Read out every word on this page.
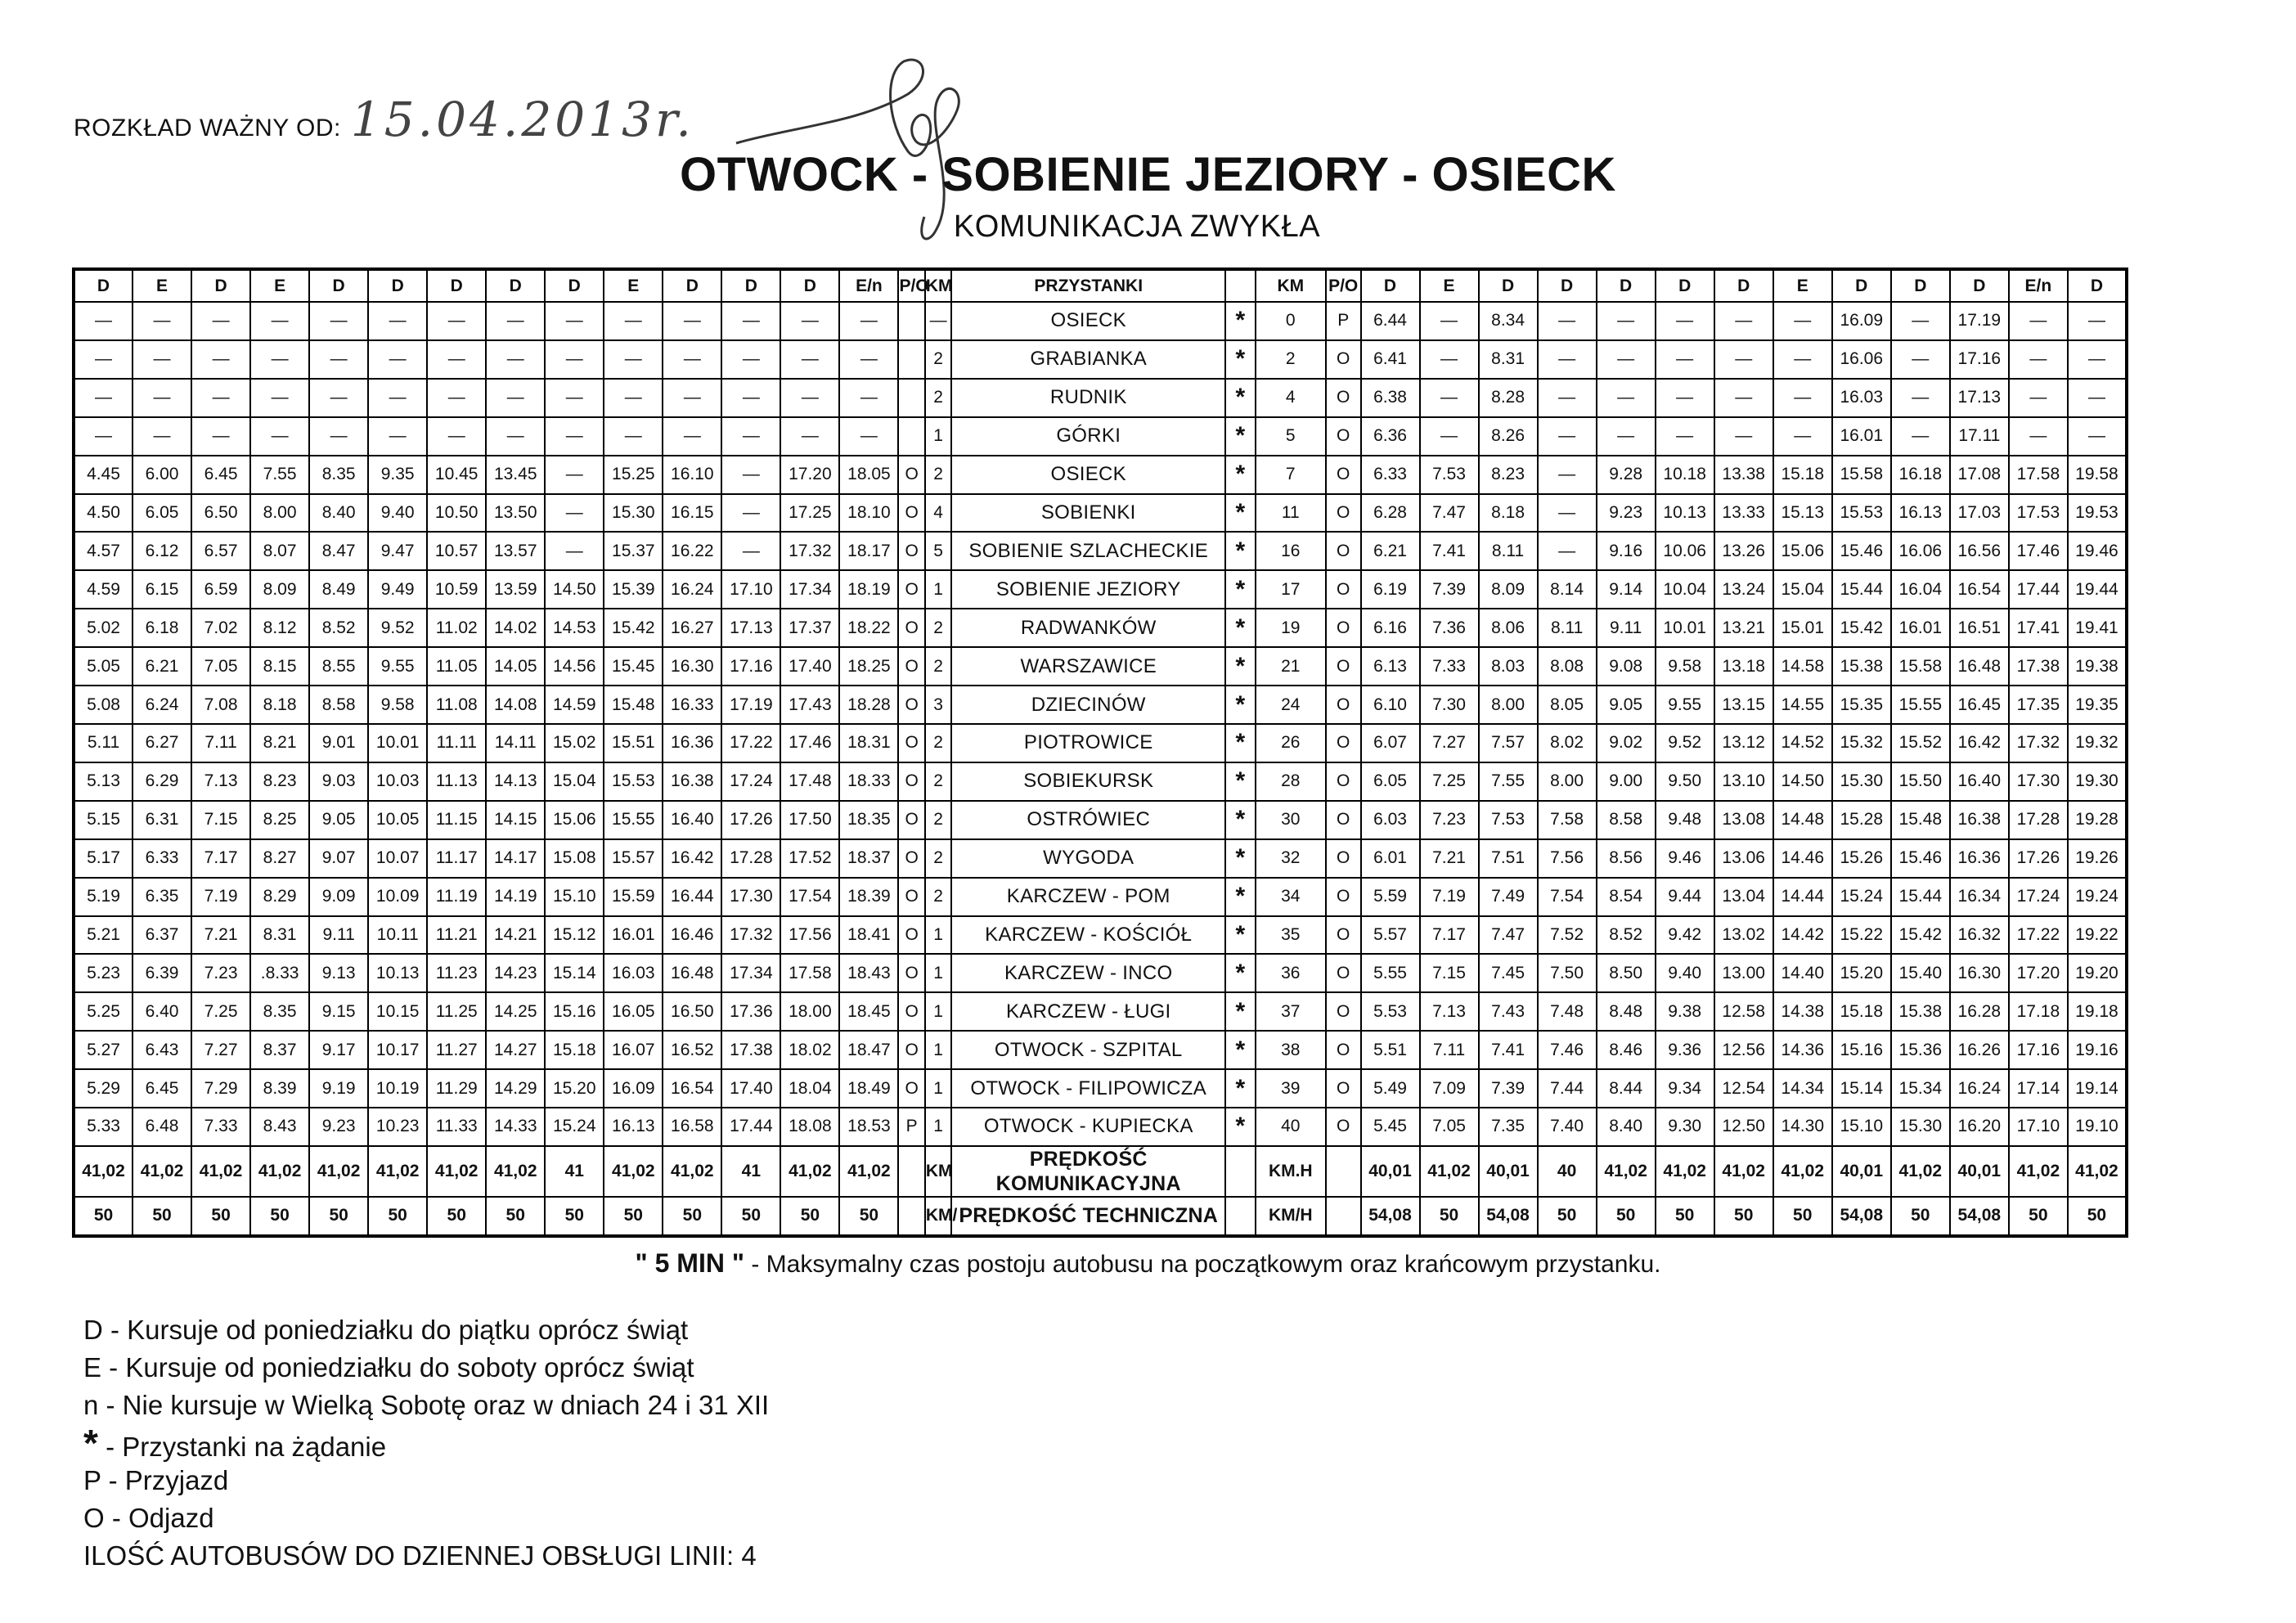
ROZKŁAD WAŻNY OD: 15.04.2013r.
OTWOCK - SOBIENIE JEZIORY - OSIECK
KOMUNIKACJA ZWYKŁA
D	E	D	E	D	D	D	D	D	E	D	D	D	E/n	P/O	KM	PRZYSTANKI		KM	P/O	D	E	D	D	D	D	D	E	D	D	D	E/n	D
—	—	—	—	—	—	—	—	—	—	—	—	—	—		—	OSIECK	*	0	P	6.44	—	8.34	—	—	—	—	—	16.09	—	17.19	—	—
—	—	—	—	—	—	—	—	—	—	—	—	—	—		2	GRABIANKA	*	2	O	6.41	—	8.31	—	—	—	—	—	16.06	—	17.16	—	—
—	—	—	—	—	—	—	—	—	—	—	—	—	—		2	RUDNIK	*	4	O	6.38	—	8.28	—	—	—	—	—	16.03	—	17.13	—	—
—	—	—	—	—	—	—	—	—	—	—	—	—	—		1	GÓRKI	*	5	O	6.36	—	8.26	—	—	—	—	—	16.01	—	17.11	—	—
4.45	6.00	6.45	7.55	8.35	9.35	10.45	13.45	—	15.25	16.10	—	17.20	18.05	O	2	OSIECK	*	7	O	6.33	7.53	8.23	—	9.28	10.18	13.38	15.18	15.58	16.18	17.08	17.58	19.58
4.50	6.05	6.50	8.00	8.40	9.40	10.50	13.50	—	15.30	16.15	—	17.25	18.10	O	4	SOBIENKI	*	11	O	6.28	7.47	8.18	—	9.23	10.13	13.33	15.13	15.53	16.13	17.03	17.53	19.53
4.57	6.12	6.57	8.07	8.47	9.47	10.57	13.57	—	15.37	16.22	—	17.32	18.17	O	5	SOBIENIE SZLACHECKIE	*	16	O	6.21	7.41	8.11	—	9.16	10.06	13.26	15.06	15.46	16.06	16.56	17.46	19.46
4.59	6.15	6.59	8.09	8.49	9.49	10.59	13.59	14.50	15.39	16.24	17.10	17.34	18.19	O	1	SOBIENIE JEZIORY	*	17	O	6.19	7.39	8.09	8.14	9.14	10.04	13.24	15.04	15.44	16.04	16.54	17.44	19.44
5.02	6.18	7.02	8.12	8.52	9.52	11.02	14.02	14.53	15.42	16.27	17.13	17.37	18.22	O	2	RADWANKÓW	*	19	O	6.16	7.36	8.06	8.11	9.11	10.01	13.21	15.01	15.42	16.01	16.51	17.41	19.41
5.05	6.21	7.05	8.15	8.55	9.55	11.05	14.05	14.56	15.45	16.30	17.16	17.40	18.25	O	2	WARSZAWICE	*	21	O	6.13	7.33	8.03	8.08	9.08	9.58	13.18	14.58	15.38	15.58	16.48	17.38	19.38
5.08	6.24	7.08	8.18	8.58	9.58	11.08	14.08	14.59	15.48	16.33	17.19	17.43	18.28	O	3	DZIECINÓW	*	24	O	6.10	7.30	8.00	8.05	9.05	9.55	13.15	14.55	15.35	15.55	16.45	17.35	19.35
5.11	6.27	7.11	8.21	9.01	10.01	11.11	14.11	15.02	15.51	16.36	17.22	17.46	18.31	O	2	PIOTROWICE	*	26	O	6.07	7.27	7.57	8.02	9.02	9.52	13.12	14.52	15.32	15.52	16.42	17.32	19.32
5.13	6.29	7.13	8.23	9.03	10.03	11.13	14.13	15.04	15.53	16.38	17.24	17.48	18.33	O	2	SOBIEKURSK	*	28	O	6.05	7.25	7.55	8.00	9.00	9.50	13.10	14.50	15.30	15.50	16.40	17.30	19.30
5.15	6.31	7.15	8.25	9.05	10.05	11.15	14.15	15.06	15.55	16.40	17.26	17.50	18.35	O	2	OSTRÓWIEC	*	30	O	6.03	7.23	7.53	7.58	8.58	9.48	13.08	14.48	15.28	15.48	16.38	17.28	19.28
5.17	6.33	7.17	8.27	9.07	10.07	11.17	14.17	15.08	15.57	16.42	17.28	17.52	18.37	O	2	WYGODA	*	32	O	6.01	7.21	7.51	7.56	8.56	9.46	13.06	14.46	15.26	15.46	16.36	17.26	19.26
5.19	6.35	7.19	8.29	9.09	10.09	11.19	14.19	15.10	15.59	16.44	17.30	17.54	18.39	O	2	KARCZEW - POM	*	34	O	5.59	7.19	7.49	7.54	8.54	9.44	13.04	14.44	15.24	15.44	16.34	17.24	19.24
5.21	6.37	7.21	8.31	9.11	10.11	11.21	14.21	15.12	16.01	16.46	17.32	17.56	18.41	O	1	KARCZEW - KOŚCIÓŁ	*	35	O	5.57	7.17	7.47	7.52	8.52	9.42	13.02	14.42	15.22	15.42	16.32	17.22	19.22
5.23	6.39	7.23	.8.33	9.13	10.13	11.23	14.23	15.14	16.03	16.48	17.34	17.58	18.43	O	1	KARCZEW - INCO	*	36	O	5.55	7.15	7.45	7.50	8.50	9.40	13.00	14.40	15.20	15.40	16.30	17.20	19.20
5.25	6.40	7.25	8.35	9.15	10.15	11.25	14.25	15.16	16.05	16.50	17.36	18.00	18.45	O	1	KARCZEW - ŁUGI	*	37	O	5.53	7.13	7.43	7.48	8.48	9.38	12.58	14.38	15.18	15.38	16.28	17.18	19.18
5.27	6.43	7.27	8.37	9.17	10.17	11.27	14.27	15.18	16.07	16.52	17.38	18.02	18.47	O	1	OTWOCK - SZPITAL	*	38	O	5.51	7.11	7.41	7.46	8.46	9.36	12.56	14.36	15.16	15.36	16.26	17.16	19.16
5.29	6.45	7.29	8.39	9.19	10.19	11.29	14.29	15.20	16.09	16.54	17.40	18.04	18.49	O	1	OTWOCK - FILIPOWICZA	*	39	O	5.49	7.09	7.39	7.44	8.44	9.34	12.54	14.34	15.14	15.34	16.24	17.14	19.14
5.33	6.48	7.33	8.43	9.23	10.23	11.33	14.33	15.24	16.13	16.58	17.44	18.08	18.53	P	1	OTWOCK - KUPIECKA	*	40	O	5.45	7.05	7.35	7.40	8.40	9.30	12.50	14.30	15.10	15.30	16.20	17.10	19.10
41,02	41,02	41,02	41,02	41,02	41,02	41,02	41,02	41	41,02	41,02	41	41,02	41,02		KM	PRĘDKOŚĆ KOMUNIKACYJNA		KM.H		40,01	41,02	40,01	40	41,02	41,02	41,02	41,02	40,01	41,02	40,01	41,02	41,02
50	50	50	50	50	50	50	50	50	50	50	50	50	50		KM/	PRĘDKOŚĆ TECHNICZNA		KM/H		54,08	50	54,08	50	50	50	50	50	54,08	50	54,08	50	50
" 5 MIN " - Maksymalny czas postoju autobusu na początkowym oraz krańcowym przystanku.
D - Kursuje od poniedziałku do piątku oprócz świąt
E - Kursuje od poniedziałku do soboty oprócz świąt
n - Nie kursuje w Wielką Sobotę oraz w dniach 24 i 31 XII
* - Przystanki na żądanie
P - Przyjazd
O - Odjazd
ILOŚĆ AUTOBUSÓW DO DZIENNEJ OBSŁUGI LINII: 4
